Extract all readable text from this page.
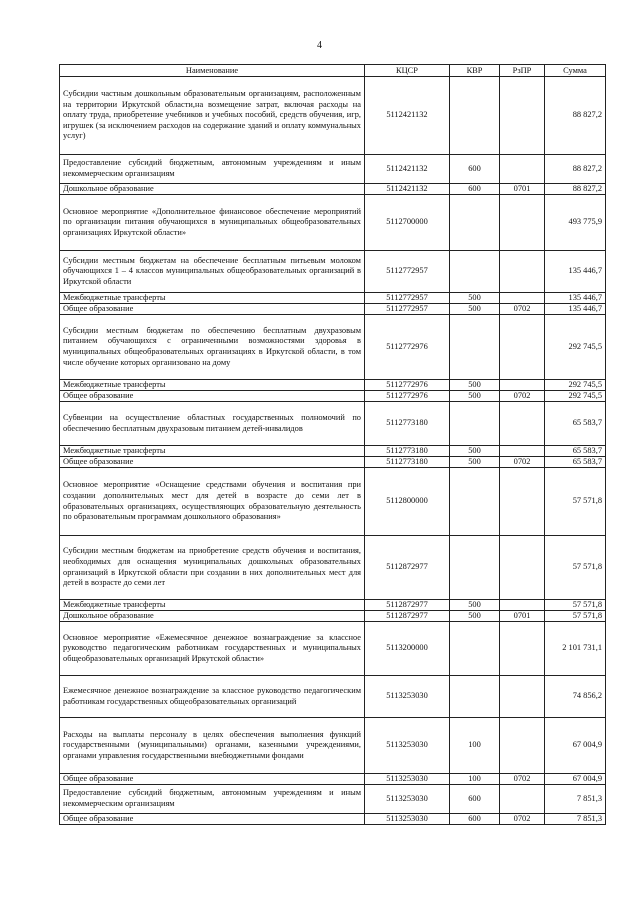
4
Наименование	КЦСР	КВР	РзПР	Сумма
Субсидии частным дошкольным образовательным организациям, расположенным на территории Иркутской области,на возмещение затрат, включая расходы на оплату труда, приобретение учебников и учебных пособий, средств обучения, игр, игрушек (за исключением расходов на содержание зданий и оплату коммунальных услуг)	5112421132			88 827,2
Предоставление субсидий бюджетным, автономным учреждениям и иным некоммерческим организациям	5112421132	600		88 827,2
Дошкольное образование	5112421132	600	0701	88 827,2
Основное мероприятие «Дополнительное финансовое обеспечение мероприятий по организации питания обучающихся в муниципальных общеобразовательных организациях Иркутской области»	5112700000			493 775,9
Субсидии местным бюджетам на обеспечение бесплатным питьевым молоком обучающихся 1 – 4 классов муниципальных общеобразовательных организаций в Иркутской области	5112772957			135 446,7
Межбюджетные трансферты	5112772957	500		135 446,7
Общее образование	5112772957	500	0702	135 446,7
Субсидии местным бюджетам по обеспечению бесплатным двухразовым питанием обучающихся с ограниченными возможностями здоровья в муниципальных общеобразовательных организациях в Иркутской области, в том числе обучение которых организовано на дому	5112772976			292 745,5
Межбюджетные трансферты	5112772976	500		292 745,5
Общее образование	5112772976	500	0702	292 745,5
Субвенции на осуществление областных государственных полномочий по обеспечению бесплатным двухразовым питанием детей-инвалидов	5112773180			65 583,7
Межбюджетные трансферты	5112773180	500		65 583,7
Общее образование	5112773180	500	0702	65 583,7
Основное мероприятие «Оснащение средствами обучения и воспитания при создании дополнительных мест для детей в возрасте до семи лет в образовательных организациях, осуществляющих образовательную деятельность по образовательным программам дошкольного образования»	5112800000			57 571,8
Субсидии местным бюджетам на приобретение средств обучения и воспитания, необходимых для оснащения муниципальных дошкольных образовательных организаций в Иркутской области при создании в них дополнительных мест для детей в возрасте до семи лет	5112872977			57 571,8
Межбюджетные трансферты	5112872977	500		57 571,8
Дошкольное образование	5112872977	500	0701	57 571,8
Основное мероприятие «Ежемесячное денежное вознаграждение за классное руководство педагогическим работникам государственных и муниципальных общеобразовательных организаций Иркутской области»	5113200000			2 101 731,1
Ежемесячное денежное вознаграждение за классное руководство педагогическим работникам государственных общеобразовательных организаций	5113253030			74 856,2
Расходы на выплаты персоналу в целях обеспечения выполнения функций государственными (муниципальными) органами, казенными учреждениями, органами управления государственными внебюджетными фондами	5113253030	100		67 004,9
Общее образование	5113253030	100	0702	67 004,9
Предоставление субсидий бюджетным, автономным учреждениям и иным некоммерческим организациям	5113253030	600		7 851,3
Общее образование	5113253030	600	0702	7 851,3
